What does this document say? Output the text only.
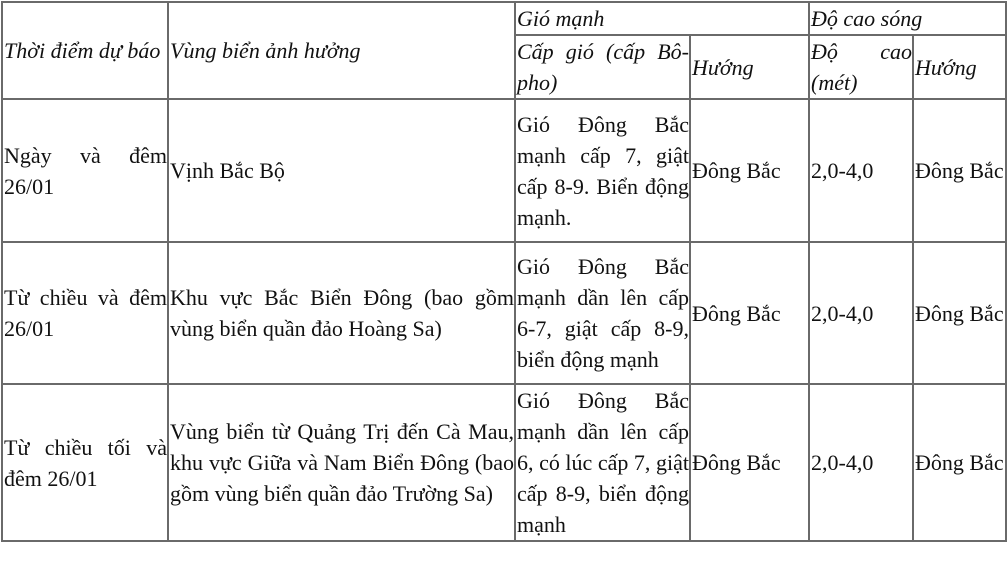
Thời điểm dự báo	Vùng biển ảnh hưởng	Gió mạnh		Độ cao sóng	
		Cấp gió (cấp Bô-pho)	Hướng	Độ cao (mét)	Hướng
Ngày và đêm 26/01	Vịnh Bắc Bộ	Gió Đông Bắc mạnh cấp 7, giật cấp 8-9. Biển động mạnh.	Đông Bắc	2,0-4,0	Đông Bắc
Từ chiều và đêm 26/01	Khu vực Bắc Biển Đông (bao gồm vùng biển quần đảo Hoàng Sa)	Gió Đông Bắc mạnh dần lên cấp 6-7, giật cấp 8-9, biển động mạnh	Đông Bắc	2,0-4,0	Đông Bắc
Từ chiều tối và đêm 26/01	Vùng biển từ Quảng Trị đến Cà Mau, khu vực Giữa và Nam Biển Đông (bao gồm vùng biển quần đảo Trường Sa)	Gió Đông Bắc mạnh dần lên cấp 6, có lúc cấp 7, giật cấp 8-9, biển động mạnh	Đông Bắc	2,0-4,0	Đông Bắc
